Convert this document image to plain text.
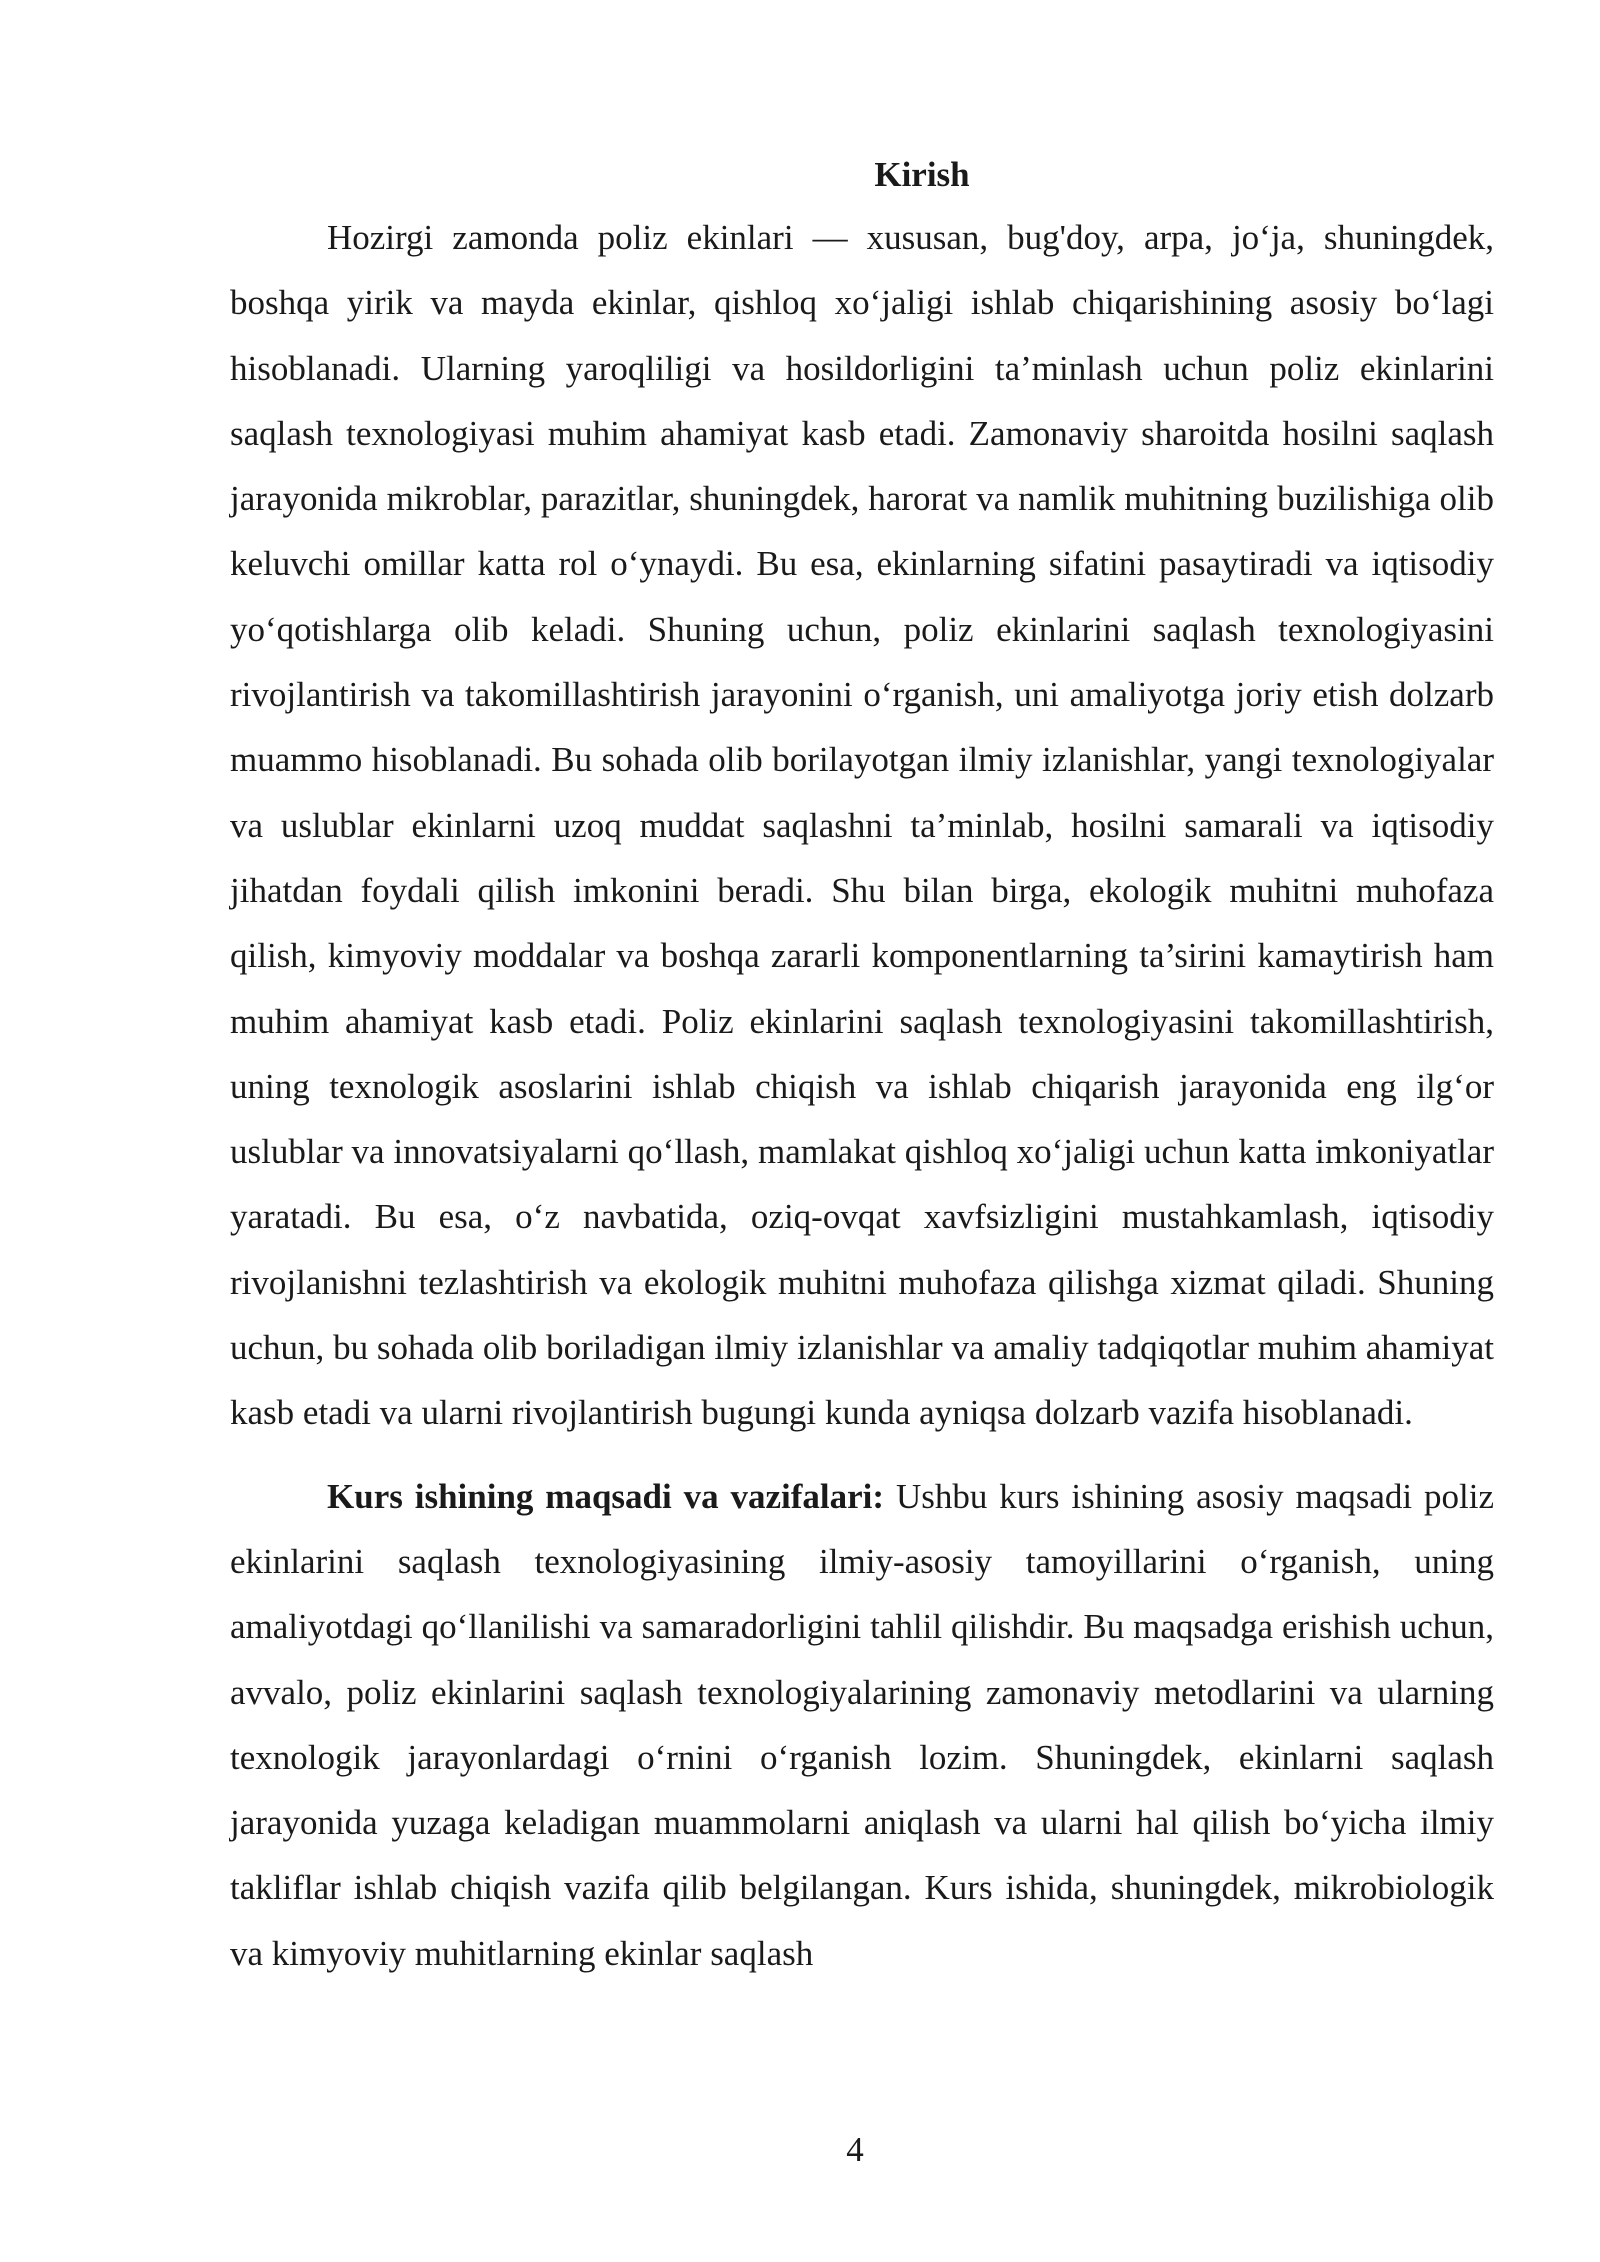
Kirish

Hozirgi zamonda poliz ekinlari — xususan, bug'doy, arpa, jo‘ja, shuningdek, boshqa yirik va mayda ekinlar, qishloq xo‘jaligi ishlab chiqarishining asosiy bo‘lagi hisoblanadi. Ularning yaroqliligi va hosildorligini ta’minlash uchun poliz ekinlarini saqlash texnologiyasi muhim ahamiyat kasb etadi. Zamonaviy sharoitda hosilni saqlash jarayonida mikroblar, parazitlar, shuningdek, harorat va namlik muhitning buzilishiga olib keluvchi omillar katta rol o‘ynaydi. Bu esa, ekinlarning sifatini pasaytiradi va iqtisodiy yo‘qotishlarga olib keladi. Shuning uchun, poliz ekinlarini saqlash texnologiyasini rivojlantirish va takomillashtirish jarayonini o‘rganish, uni amaliyotga joriy etish dolzarb muammo hisoblanadi. Bu sohada olib borilayotgan ilmiy izlanishlar, yangi texnologiyalar va uslublar ekinlarni uzoq muddat saqlashni ta’minlab, hosilni samarali va iqtisodiy jihatdan foydali qilish imkonini beradi. Shu bilan birga, ekologik muhitni muhofaza qilish, kimyoviy moddalar va boshqa zararli komponentlarning ta’sirini kamaytirish ham muhim ahamiyat kasb etadi. Poliz ekinlarini saqlash texnologiyasini takomillashtirish, uning texnologik asoslarini ishlab chiqish va ishlab chiqarish jarayonida eng ilg‘or uslublar va innovatsiyalarni qo‘llash, mamlakat qishloq xo‘jaligi uchun katta imkoniyatlar yaratadi. Bu esa, o‘z navbatida, oziq-ovqat xavfsizligini mustahkamlash, iqtisodiy rivojlanishni tezlashtirish va ekologik muhitni muhofaza qilishga xizmat qiladi. Shuning uchun, bu sohada olib boriladigan ilmiy izlanishlar va amaliy tadqiqotlar muhim ahamiyat kasb etadi va ularni rivojlantirish bugungi kunda ayniqsa dolzarb vazifa hisoblanadi.

Kurs ishining maqsadi va vazifalari: Ushbu kurs ishining asosiy maqsadi poliz ekinlarini saqlash texnologiyasining ilmiy-asosiy tamoyillarini o‘rganish, uning amaliyotdagi qo‘llanilishi va samaradorligini tahlil qilishdir. Bu maqsadga erishish uchun, avvalo, poliz ekinlarini saqlash texnologiyalarining zamonaviy metodlarini va ularning texnologik jarayonlardagi o‘rnini o‘rganish lozim. Shuningdek, ekinlarni saqlash jarayonida yuzaga keladigan muammolarni aniqlash va ularni hal qilish bo‘yicha ilmiy takliflar ishlab chiqish vazifa qilib belgilangan. Kurs ishida, shuningdek, mikrobiologik va kimyoviy muhitlarning ekinlar saqlash

4
